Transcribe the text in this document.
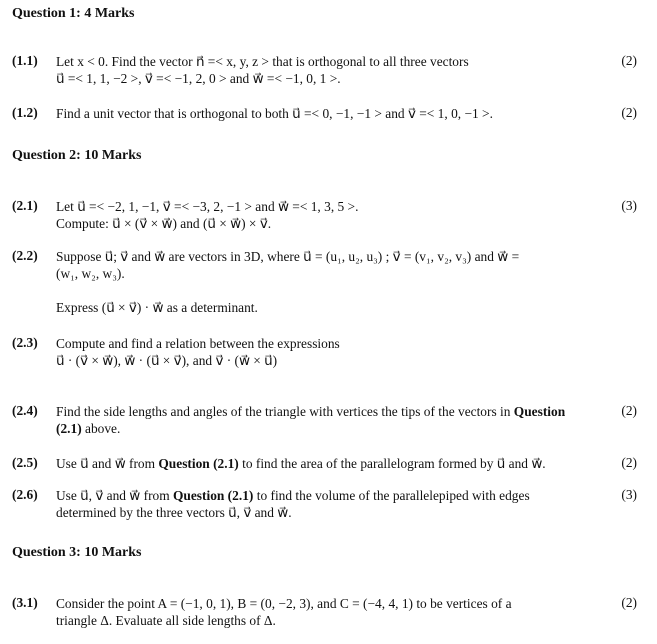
Question 1: 4 Marks
(1.1) Let x < 0. Find the vector n⃗ =< x, y, z > that is orthogonal to all three vectors
u⃗ =< 1, 1, −2 >, v⃗ =< −1, 2, 0 > and w⃗ =< −1, 0, 1 >.
(2)
(1.2) Find a unit vector that is orthogonal to both u⃗ =< 0, −1, −1 > and v⃗ =< 1, 0, −1 >.	(2)
Question 2: 10 Marks
(2.1) Let u⃗ =< −2, 1, −1, v⃗ =< −3, 2, −1 > and w⃗ =< 1, 3, 5 >.
Compute: u⃗ × (v⃗ × w⃗) and (u⃗ × w⃗) × v⃗.
(3)
(2.2) Suppose u⃗; v⃗ and w⃗ are vectors in 3D, where u⃗ = (u₁, u₂, u₃) ; v⃗ = (v₁, v₂, v₃) and w⃗ =
(w₁, w₂, w₃).
Express (u⃗ × v⃗) · w⃗ as a determinant.
(2.3) Compute and find a relation between the expressions
u⃗ · (v⃗ × w⃗), w⃗ · (u⃗ × v⃗), and v⃗ · (w⃗ × u⃗)
(2.4) Find the side lengths and angles of the triangle with vertices the tips of the vectors in Question
(2.1) above.
(2)
(2.5) Use u⃗ and w⃗ from Question (2.1) to find the area of the parallelogram formed by u⃗ and w⃗.	(2)
(2.6) Use u⃗, v⃗ and w⃗ from Question (2.1) to find the volume of the parallelepiped with edges
determined by the three vectors u⃗, v⃗ and w⃗.
(3)
Question 3: 10 Marks
(3.1) Consider the point A = (−1, 0, 1), B = (0, −2, 3), and C = (−4, 4, 1) to be vertices of a
triangle Δ. Evaluate all side lengths of Δ.
(2)
